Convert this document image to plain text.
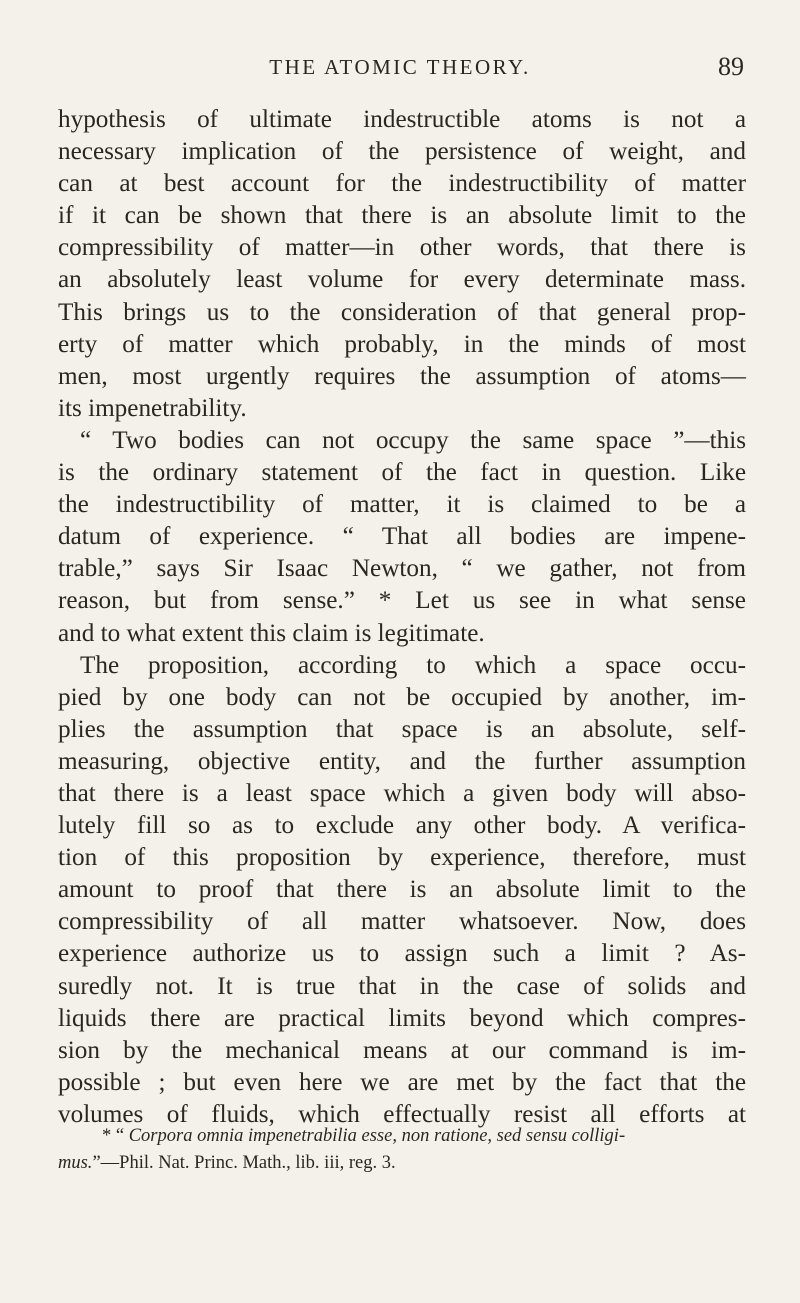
THE ATOMIC THEORY.	89
hypothesis of ultimate indestructible atoms is not a
necessary implication of the persistence of weight, and
can at best account for the indestructibility of matter
if it can be shown that there is an absolute limit to the
compressibility of matter—in other words, that there is
an absolutely least volume for every determinate mass.
This brings us to the consideration of that general prop-
erty of matter which probably, in the minds of most
men, most urgently requires the assumption of atoms—
its impenetrability.
“ Two bodies can not occupy the same space ”—this
is the ordinary statement of the fact in question. Like
the indestructibility of matter, it is claimed to be a
datum of experience. “ That all bodies are impene-
trable,” says Sir Isaac Newton, “ we gather, not from
reason, but from sense.” * Let us see in what sense
and to what extent this claim is legitimate.
The proposition, according to which a space occu-
pied by one body can not be occupied by another, im-
plies the assumption that space is an absolute, self-
measuring, objective entity, and the further assumption
that there is a least space which a given body will abso-
lutely fill so as to exclude any other body. A verifica-
tion of this proposition by experience, therefore, must
amount to proof that there is an absolute limit to the
compressibility of all matter whatsoever. Now, does
experience authorize us to assign such a limit ? As-
suredly not. It is true that in the case of solids and
liquids there are practical limits beyond which compres-
sion by the mechanical means at our command is im-
possible ; but even here we are met by the fact that the
volumes of fluids, which effectually resist all efforts at
* “ Corpora omnia impenetrabilia esse, non ratione, sed sensu colligi-
mus.”—Phil. Nat. Princ. Math., lib. iii, reg. 3.
